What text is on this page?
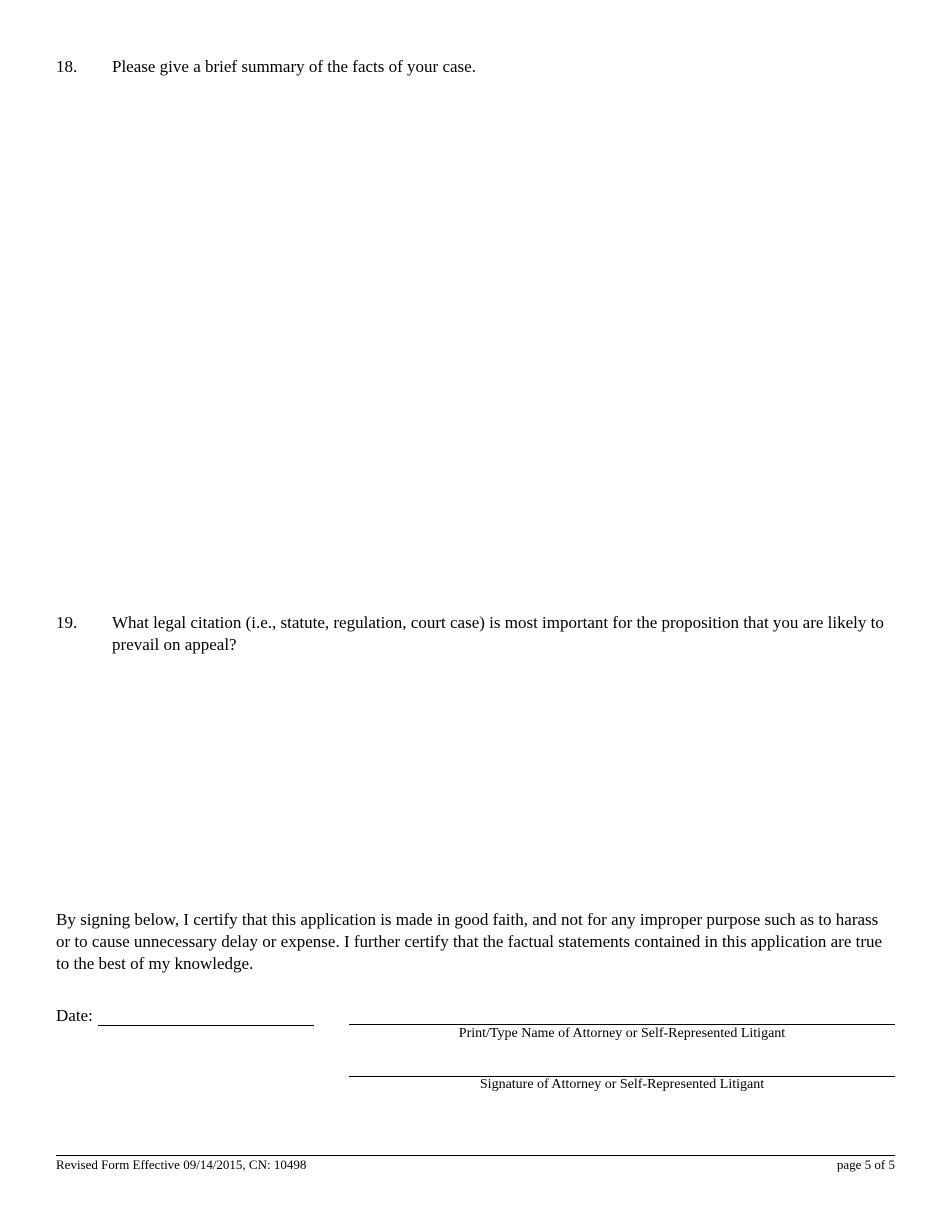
18. Please give a brief summary of the facts of your case.
19. What legal citation (i.e., statute, regulation, court case) is most important for the proposition that you are likely to prevail on appeal?
By signing below, I certify that this application is made in good faith, and not for any improper purpose such as to harass or to cause unnecessary delay or expense. I further certify that the factual statements contained in this application are true to the best of my knowledge.
Date:
Print/Type Name of Attorney or Self-Represented Litigant
Signature of Attorney or Self-Represented Litigant
Revised Form Effective 09/14/2015, CN: 10498	page 5 of 5
